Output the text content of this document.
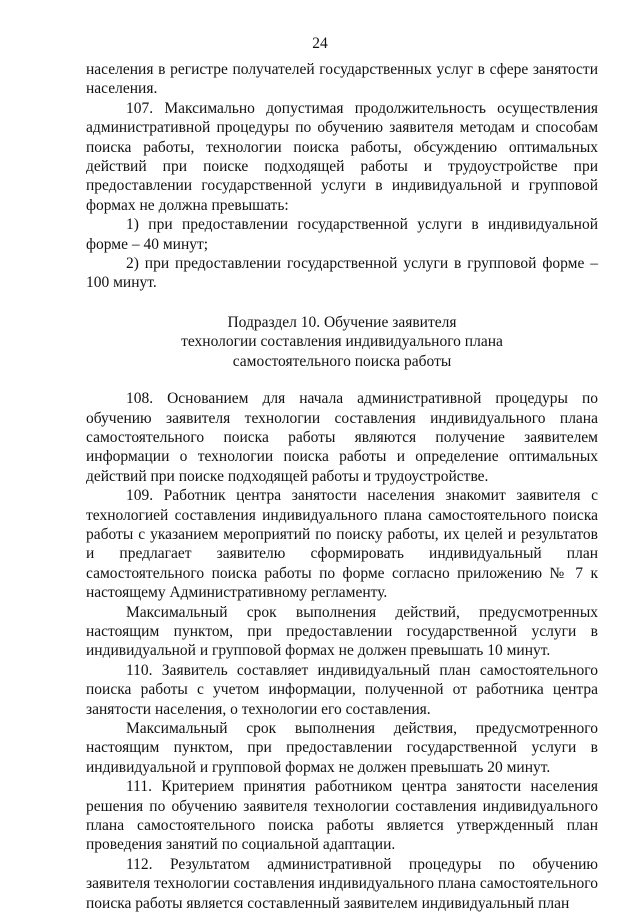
24

населения в регистре получателей государственных услуг в сфере занятости населения.

107. Максимально допустимая продолжительность осуществления административной процедуры по обучению заявителя методам и способам поиска работы, технологии поиска работы, обсуждению оптимальных действий при поиске подходящей работы и трудоустройстве при предоставлении государственной услуги в индивидуальной и групповой формах не должна превышать:

1) при предоставлении государственной услуги в индивидуальной форме – 40 минут;

2) при предоставлении государственной услуги в групповой форме – 100 минут.

Подраздел 10. Обучение заявителя
технологии составления индивидуального плана
самостоятельного поиска работы

108. Основанием для начала административной процедуры по обучению заявителя технологии составления индивидуального плана самостоятельного поиска работы являются получение заявителем информации о технологии поиска работы и определение оптимальных действий при поиске подходящей работы и трудоустройстве.

109. Работник центра занятости населения знакомит заявителя с технологией составления индивидуального плана самостоятельного поиска работы с указанием мероприятий по поиску работы, их целей и результатов и предлагает заявителю сформировать индивидуальный план самостоятельного поиска работы по форме согласно приложению № 7 к настоящему Административному регламенту.

Максимальный срок выполнения действий, предусмотренных настоящим пунктом, при предоставлении государственной услуги в индивидуальной и групповой формах не должен превышать 10 минут.

110. Заявитель составляет индивидуальный план самостоятельного поиска работы с учетом информации, полученной от работника центра занятости населения, о технологии его составления.

Максимальный срок выполнения действия, предусмотренного настоящим пунктом, при предоставлении государственной услуги в индивидуальной и групповой формах не должен превышать 20 минут.

111. Критерием принятия работником центра занятости населения решения по обучению заявителя технологии составления индивидуального плана самостоятельного поиска работы является утвержденный план проведения занятий по социальной адаптации.

112. Результатом административной процедуры по обучению заявителя технологии составления индивидуального плана самостоятельного поиска работы является составленный заявителем индивидуальный план
